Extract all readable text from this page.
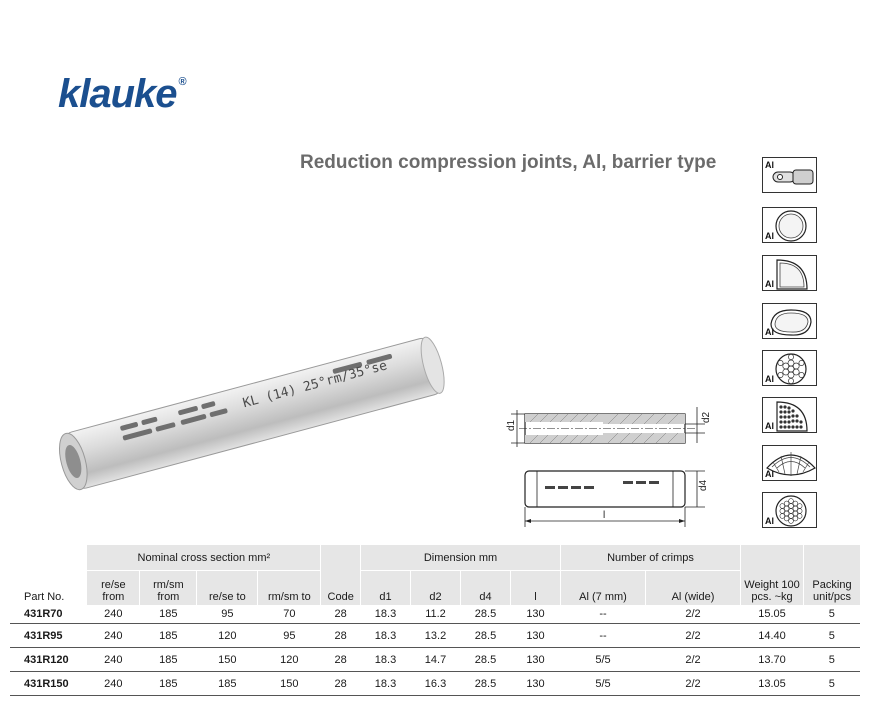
klauke ®
Reduction compression joints, Al, barrier type	Al
Al
Al
Al
Al
Al
Al
Al
KL (14) 25°rm/35°se
d1
d2
d4
l
Part No.	Nominal cross section mm²				Code	Dimension mm				Number of crimps		Weight 100 pcs. ~kg	Packing unit/pcs
	re/se from	rm/sm from	re/se to	rm/sm to		d1	d2	d4	l	Al (7 mm)	Al (wide)		
431R70	240	185	95	70	28	18.3	11.2	28.5	130	--	2/2	15.05	5
431R95	240	185	120	95	28	18.3	13.2	28.5	130	--	2/2	14.40	5
431R120	240	185	150	120	28	18.3	14.7	28.5	130	5/5	2/2	13.70	5
431R150	240	185	185	150	28	18.3	16.3	28.5	130	5/5	2/2	13.05	5
